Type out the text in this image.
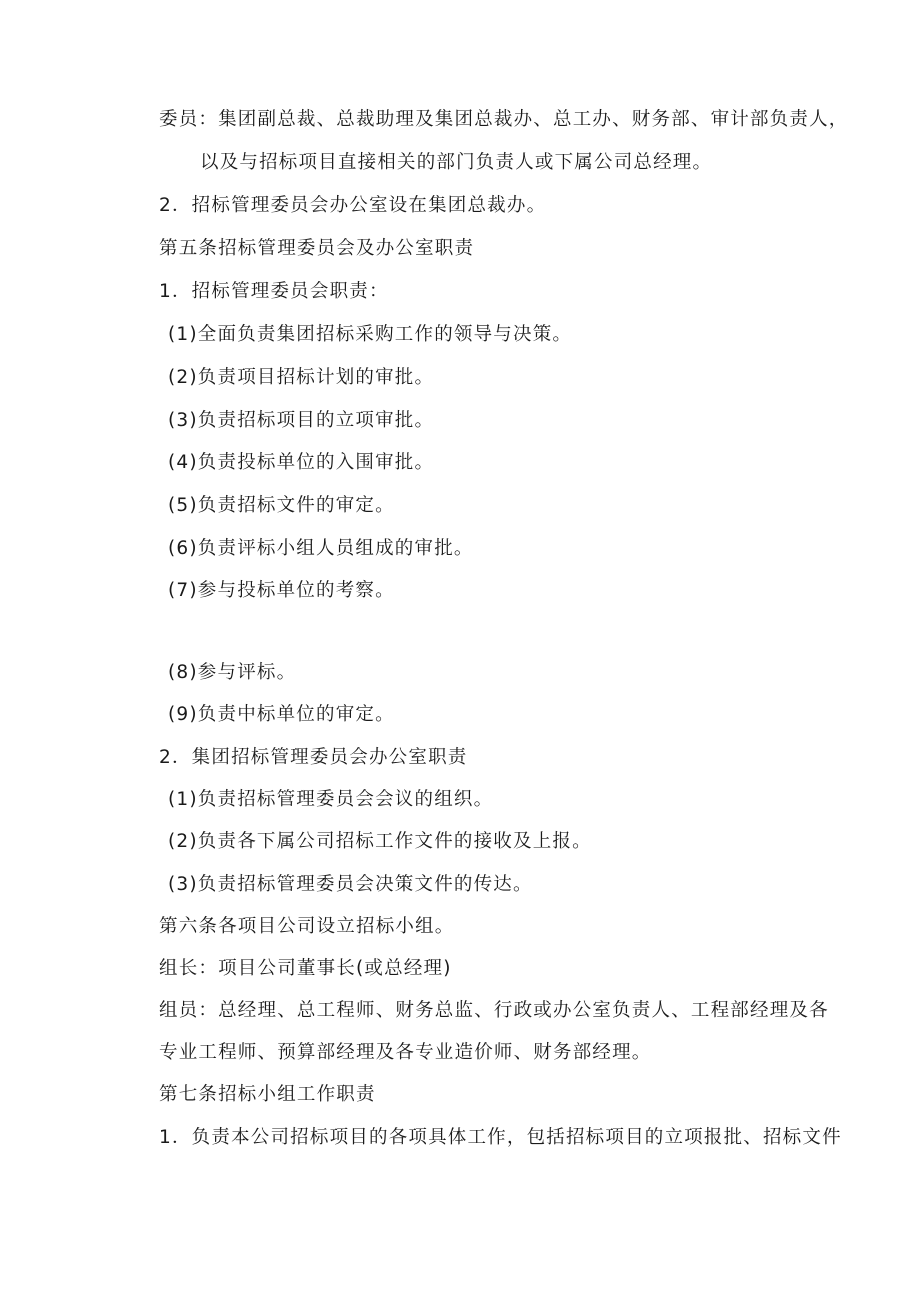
委员：集团副总裁、总裁助理及集团总裁办、总工办、财务部、审计部负责人，
以及与招标项目直接相关的部门负责人或下属公司总经理。
2．招标管理委员会办公室设在集团总裁办。
第五条招标管理委员会及办公室职责
1．招标管理委员会职责：
(1)全面负责集团招标采购工作的领导与决策。
(2)负责项目招标计划的审批。
(3)负责招标项目的立项审批。
(4)负责投标单位的入围审批。
(5)负责招标文件的审定。
(6)负责评标小组人员组成的审批。
(7)参与投标单位的考察。
(8)参与评标。
(9)负责中标单位的审定。
2．集团招标管理委员会办公室职责
(1)负责招标管理委员会会议的组织。
(2)负责各下属公司招标工作文件的接收及上报。
(3)负责招标管理委员会决策文件的传达。
第六条各项目公司设立招标小组。
组长：项目公司董事长(或总经理)
组员：总经理、总工程师、财务总监、行政或办公室负责人、工程部经理及各
专业工程师、预算部经理及各专业造价师、财务部经理。
第七条招标小组工作职责
1．负责本公司招标项目的各项具体工作，包括招标项目的立项报批、招标文件
